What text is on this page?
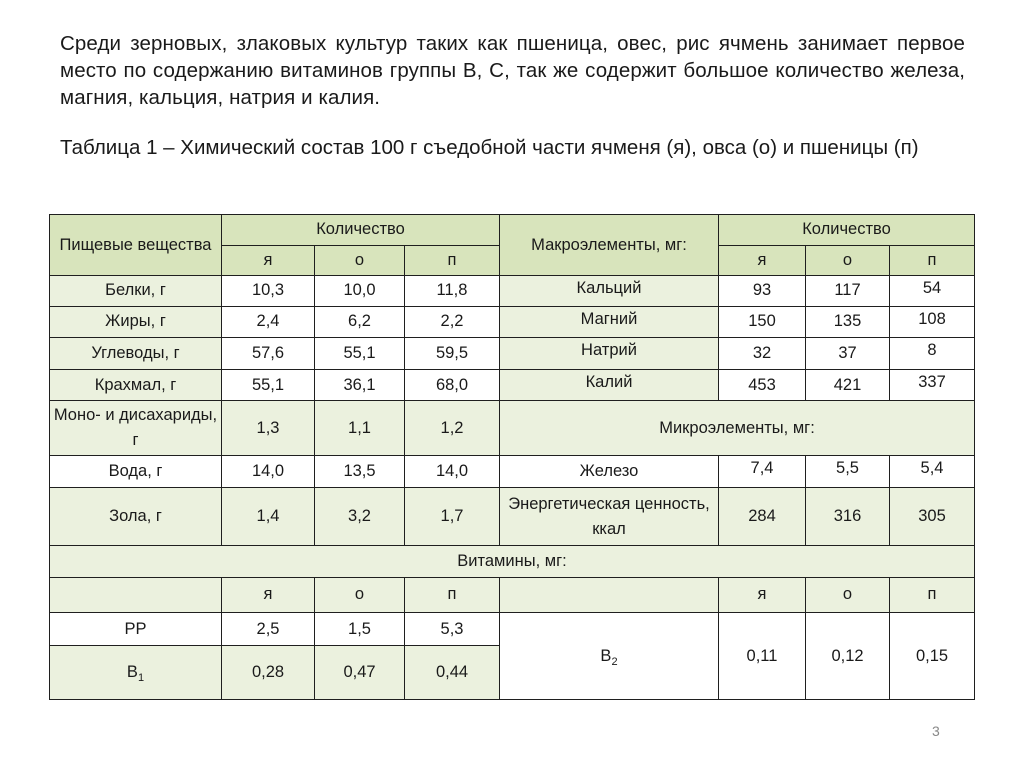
Среди зерновых, злаковых культур таких как пшеница, овес, рис ячмень занимает первое место по содержанию витаминов группы В, С, так же содержит большое количество железа, магния, кальция, натрия и калия.
Таблица 1 – Химический состав 100 г съедобной части ячменя (я), овса (о) и пшеницы (п)
Пищевые вещества	Количество			Макроэлементы, мг:	Количество		
	я	о	п		я	о	п
Белки, г	10,3	10,0	11,8	Кальций	93	117	54
Жиры, г	2,4	6,2	2,2	Магний	150	135	108
Углеводы, г	57,6	55,1	59,5	Натрий	32	37	8
Крахмал, г	55,1	36,1	68,0	Калий	453	421	337
Моно- и дисахариды, г	1,3	1,1	1,2	Микроэлементы, мг:			
Вода, г	14,0	13,5	14,0	Железо	7,4	5,5	5,4
Зола, г	1,4	3,2	1,7	Энергетическая ценность, ккал	284	316	305
Витамины, мг:							
	я	о	п		я	о	п
PP	2,5	1,5	5,3	$B_2$	0,11	0,12	0,15
$B_1$	0,28	0,47	0,44				
3
